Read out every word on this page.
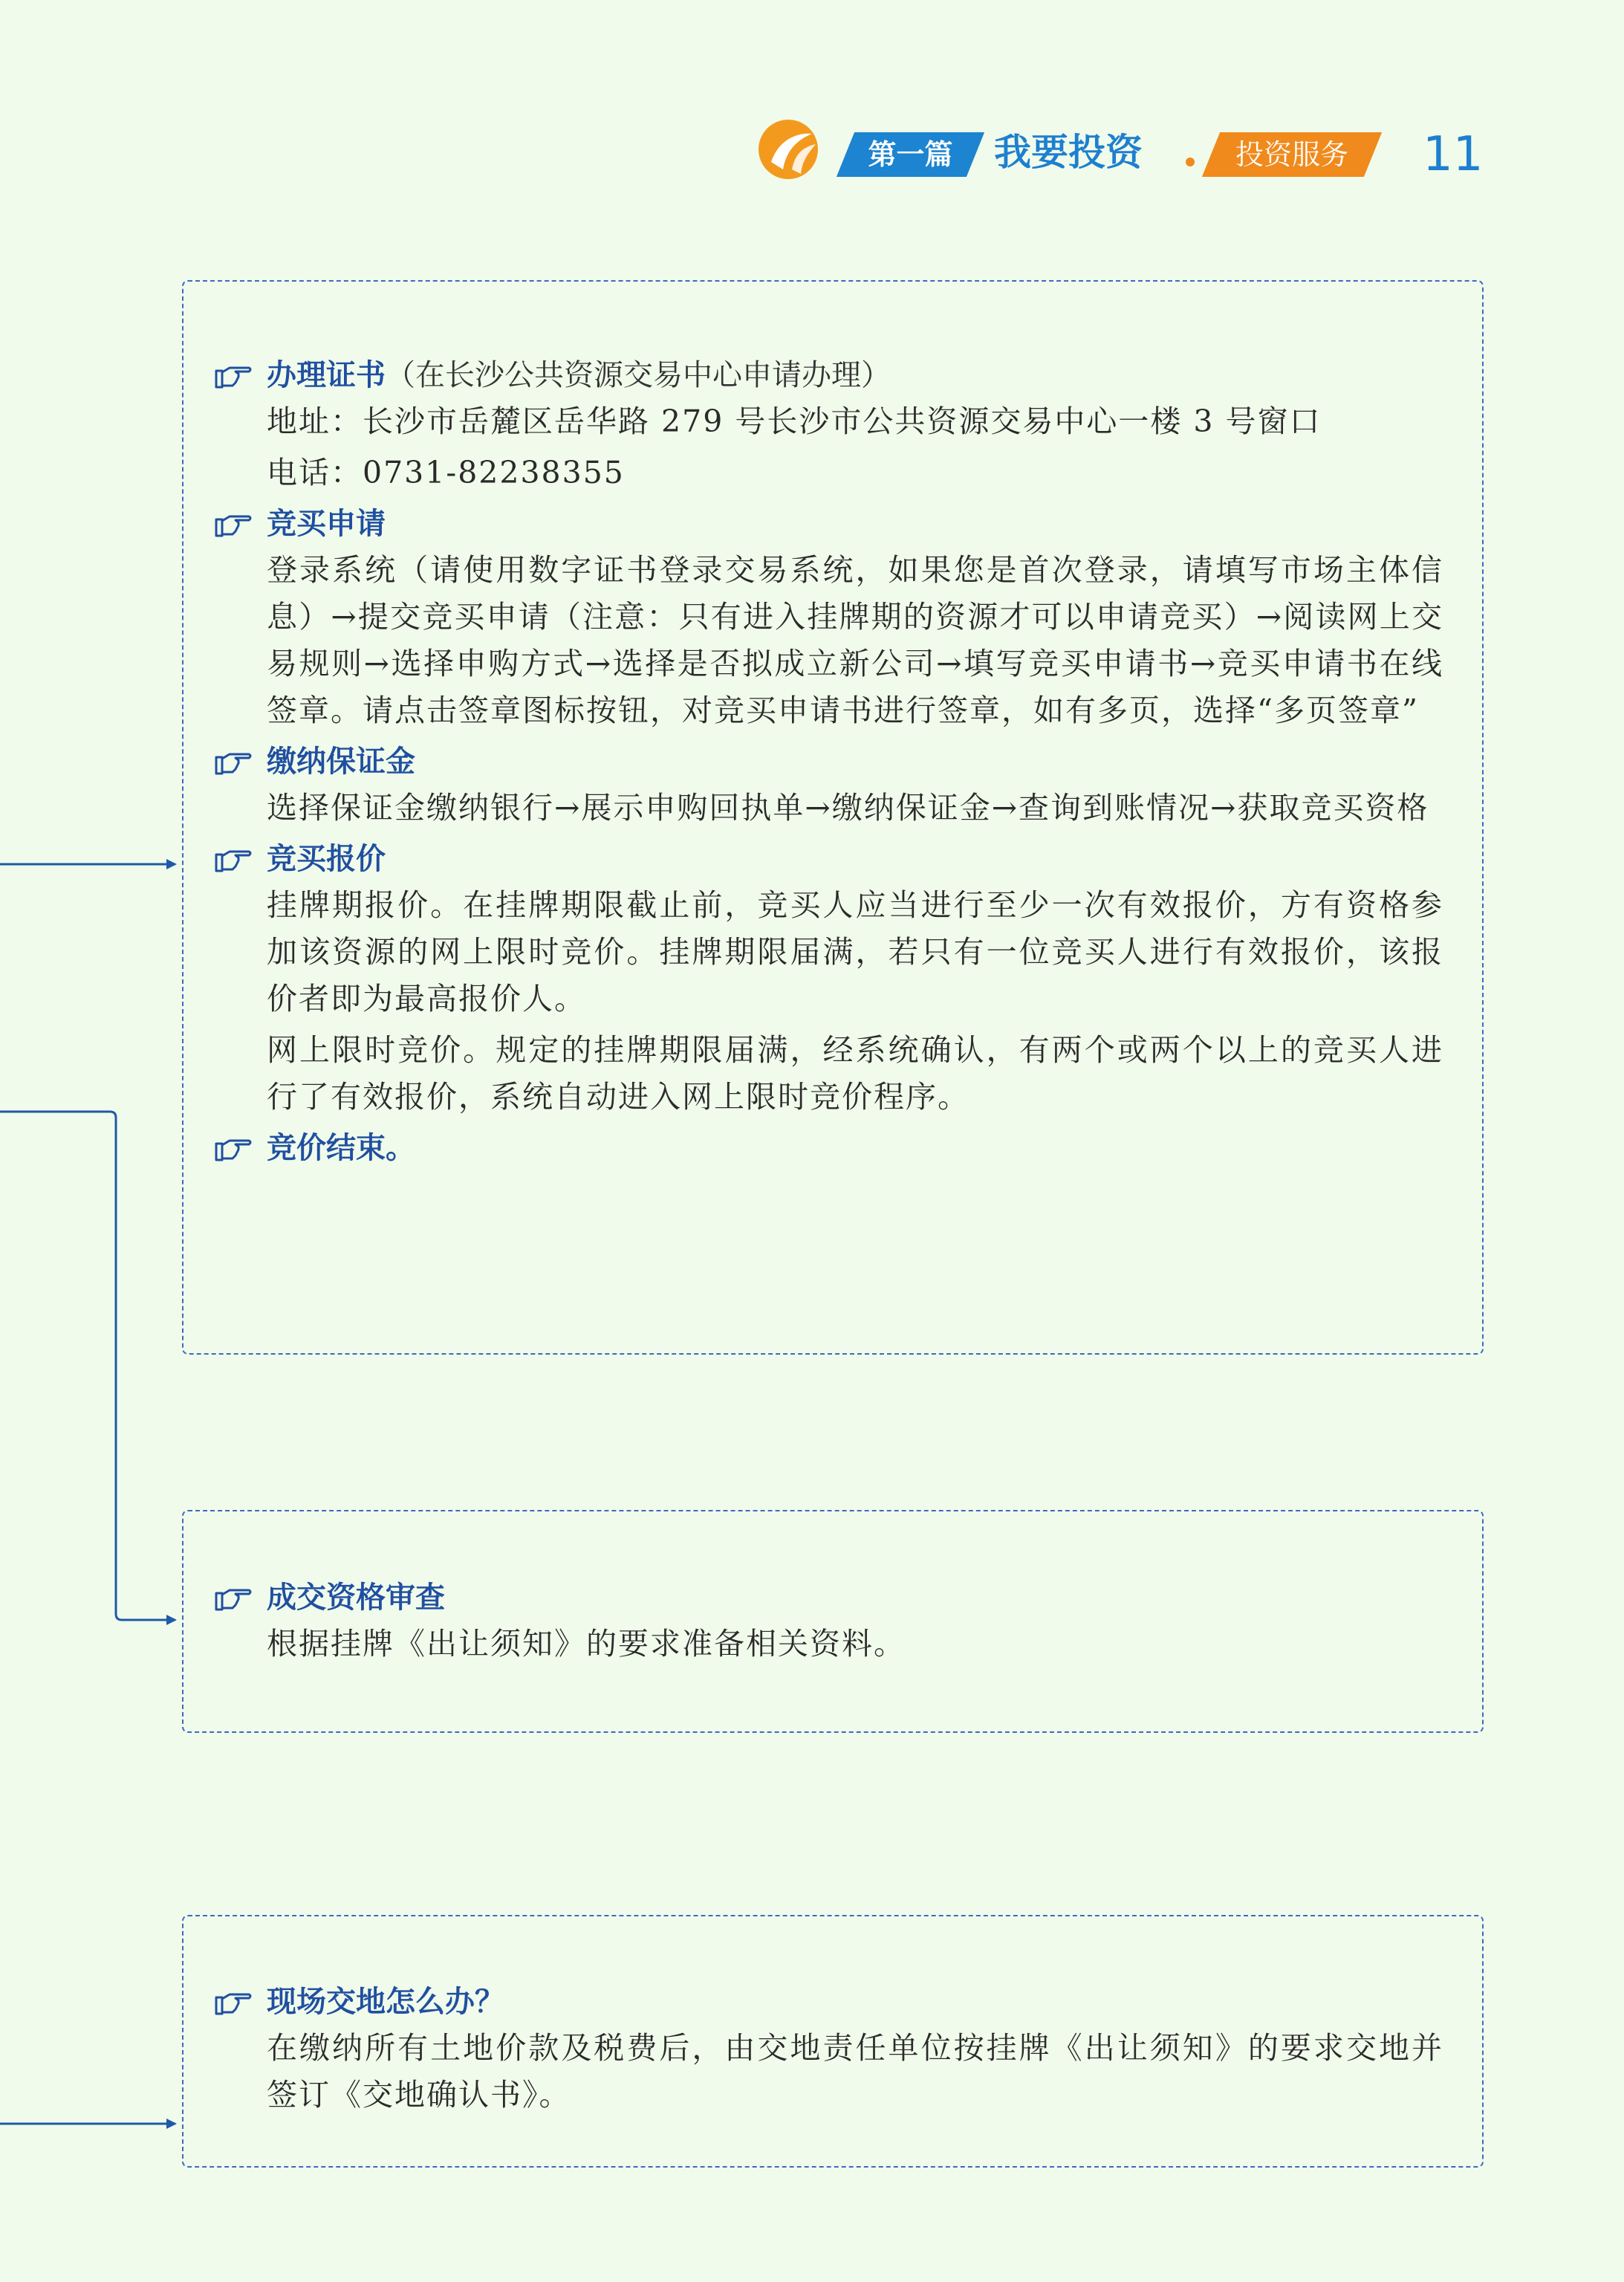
第一篇	我要投资	投资服务	11
办理证书（在长沙公共资源交易中心申请办理）

地址：长沙市岳麓区岳华路 279 号长沙市公共资源交易中心一楼 3 号窗口

电话：0731-82238355

竞买申请

登录系统（请使用数字证书登录交易系统，如果您是首次登录，请填写市场主体信息）→提交竞买申请（注意：只有进入挂牌期的资源才可以申请竞买）→阅读网上交易规则→选择申购方式→选择是否拟成立新公司→填写竞买申请书→竞买申请书在线签章。请点击签章图标按钮，对竞买申请书进行签章，如有多页，选择“多页签章”

缴纳保证金

选择保证金缴纳银行→展示申购回执单→缴纳保证金→查询到账情况→获取竞买资格

竞买报价

挂牌期报价。在挂牌期限截止前，竞买人应当进行至少一次有效报价，方有资格参加该资源的网上限时竞价。挂牌期限届满，若只有一位竞买人进行有效报价，该报价者即为最高报价人。

网上限时竞价。规定的挂牌期限届满，经系统确认，有两个或两个以上的竞买人进行了有效报价，系统自动进入网上限时竞价程序。

竞价结束。
成交资格审查

根据挂牌《出让须知》的要求准备相关资料。

现场交地怎么办？

在缴纳所有土地价款及税费后，由交地责任单位按挂牌《出让须知》的要求交地并签订《交地确认书》。
